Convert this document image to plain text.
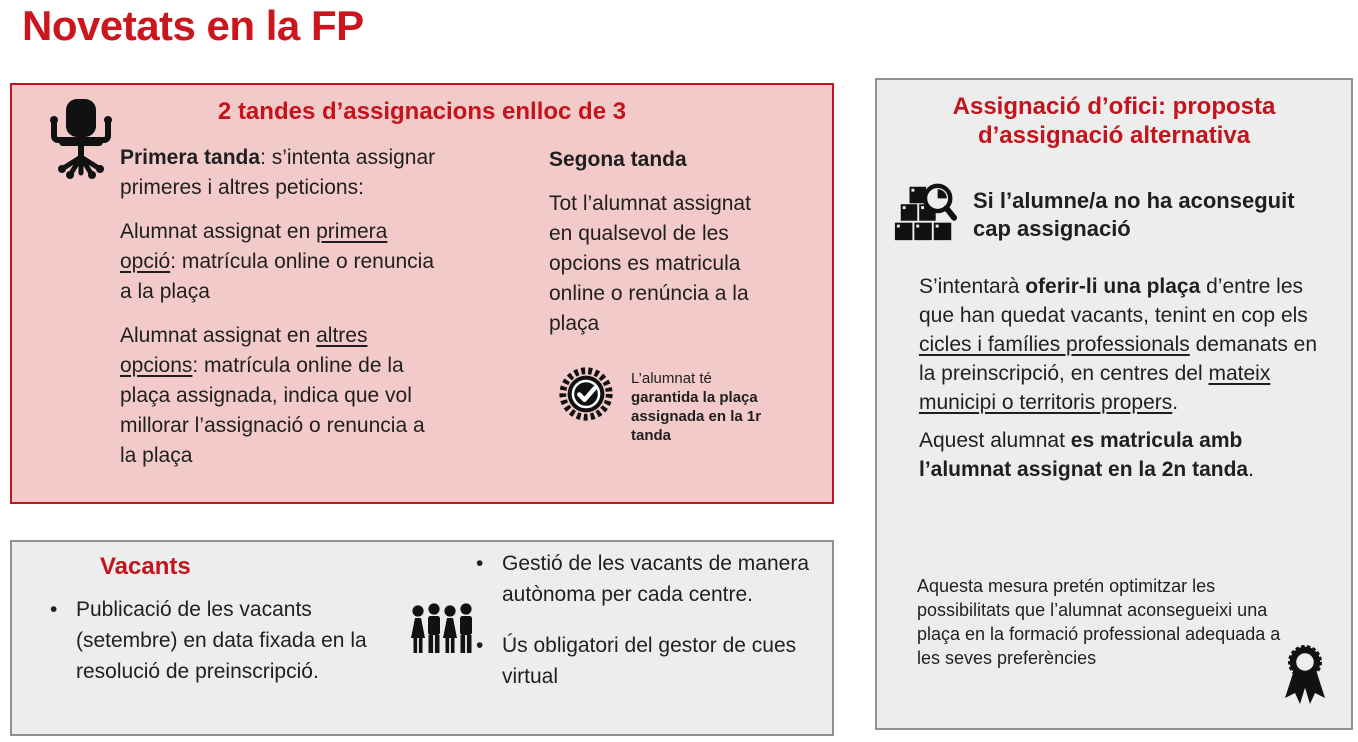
Novetats en la FP
2 tandes d’assignacions enlloc de 3

Primera tanda: s’intenta assignar primeres i altres peticions:

Alumnat assignat en primera opció: matrícula online o renuncia a la plaça

Alumnat assignat en altres opcions: matrícula online de la plaça assignada, indica que vol millorar l’assignació o renuncia a la plaça

Segona tanda

Tot l’alumnat assignat en qualsevol de les opcions es matricula online o renúncia a la plaça

L’alumnat té garantida la plaça assignada en la 1r tanda
Vacants
• Publicació de les vacants (setembre) en data fixada en la resolució de preinscripció.
• Gestió de les vacants de manera autònoma per cada centre.
• Ús obligatori del gestor de cues virtual
Assignació d’ofici: proposta d’assignació alternativa
Si l’alumne/a no ha aconseguit cap assignació

S’intentarà oferir-li una plaça d’entre les que han quedat vacants, tenint en cop els cicles i famílies professionals demanats en la preinscripció, en centres del mateix municipi o territoris propers.

Aquest alumnat es matricula amb l’alumnat assignat en la 2n tanda.

Aquesta mesura pretén optimitzar les possibilitats que l’alumnat aconsegueixi una plaça en la formació professional adequada a les seves preferències
